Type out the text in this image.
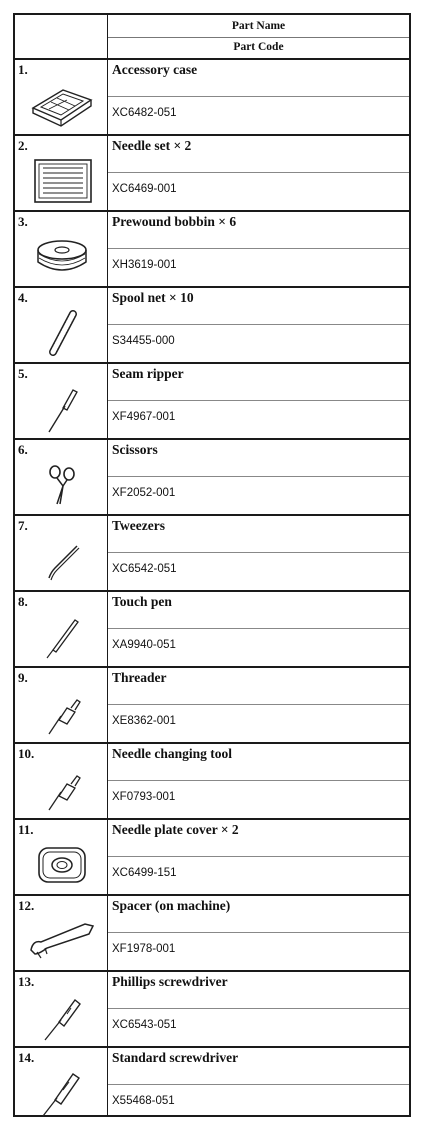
Part Name
Part Code
1.	Accessory case
XC6482-051
2.	Needle set × 2
XC6469-001
3.	Prewound bobbin × 6
XH3619-001
4.	Spool net × 10
S34455-000
5.	Seam ripper
XF4967-001
6.	Scissors
XF2052-001
7.	Tweezers
XC6542-051
8.	Touch pen
XA9940-051
9.	Threader
XE8362-001
10.	Needle changing tool
XF0793-001
11.	Needle plate cover × 2
XC6499-151
12.	Spacer (on machine)
XF1978-001
13.	Phillips screwdriver
XC6543-051
14.	Standard screwdriver
X55468-051
